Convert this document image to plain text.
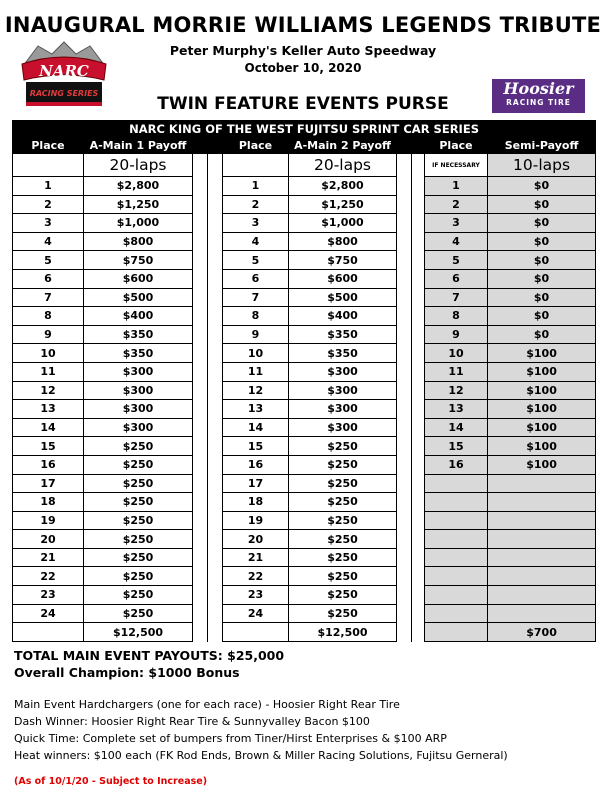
INAUGURAL MORRIE WILLIAMS LEGENDS TRIBUTE
Peter Murphy's Keller Auto Speedway
October 10, 2020
TWIN FEATURE EVENTS PURSE
NARC
RACING SERIES	Hoosier
RACING TIRE
NARC KING OF THE WEST FUJITSU SPRINT CAR SERIES									
Place	A-Main 1 Payoff			Place	A-Main 2 Payoff			Place	Semi-Payoff
	20-laps				20-laps			IF NECESSARY	10-laps
1	$2,800			1	$2,800			1	$0
2	$1,250			2	$1,250			2	$0
3	$1,000			3	$1,000			3	$0
4	$800			4	$800			4	$0
5	$750			5	$750			5	$0
6	$600			6	$600			6	$0
7	$500			7	$500			7	$0
8	$400			8	$400			8	$0
9	$350			9	$350			9	$0
10	$350			10	$350			10	$100
11	$300			11	$300			11	$100
12	$300			12	$300			12	$100
13	$300			13	$300			13	$100
14	$300			14	$300			14	$100
15	$250			15	$250			15	$100
16	$250			16	$250			16	$100
17	$250			17	$250				
18	$250			18	$250				
19	$250			19	$250				
20	$250			20	$250				
21	$250			21	$250				
22	$250			22	$250				
23	$250			23	$250				
24	$250			24	$250				
	$12,500				$12,500				$700
TOTAL MAIN EVENT PAYOUTS: $25,000
Overall Champion: $1000 Bonus
Main Event Hardchargers (one for each race) - Hoosier Right Rear Tire
Dash Winner: Hoosier Right Rear Tire & Sunnyvalley Bacon $100
Quick Time: Complete set of bumpers from Tiner/Hirst Enterprises & $100 ARP
Heat winners: $100 each (FK Rod Ends, Brown & Miller Racing Solutions, Fujitsu Gerneral)
(As of 10/1/20 - Subject to Increase)
